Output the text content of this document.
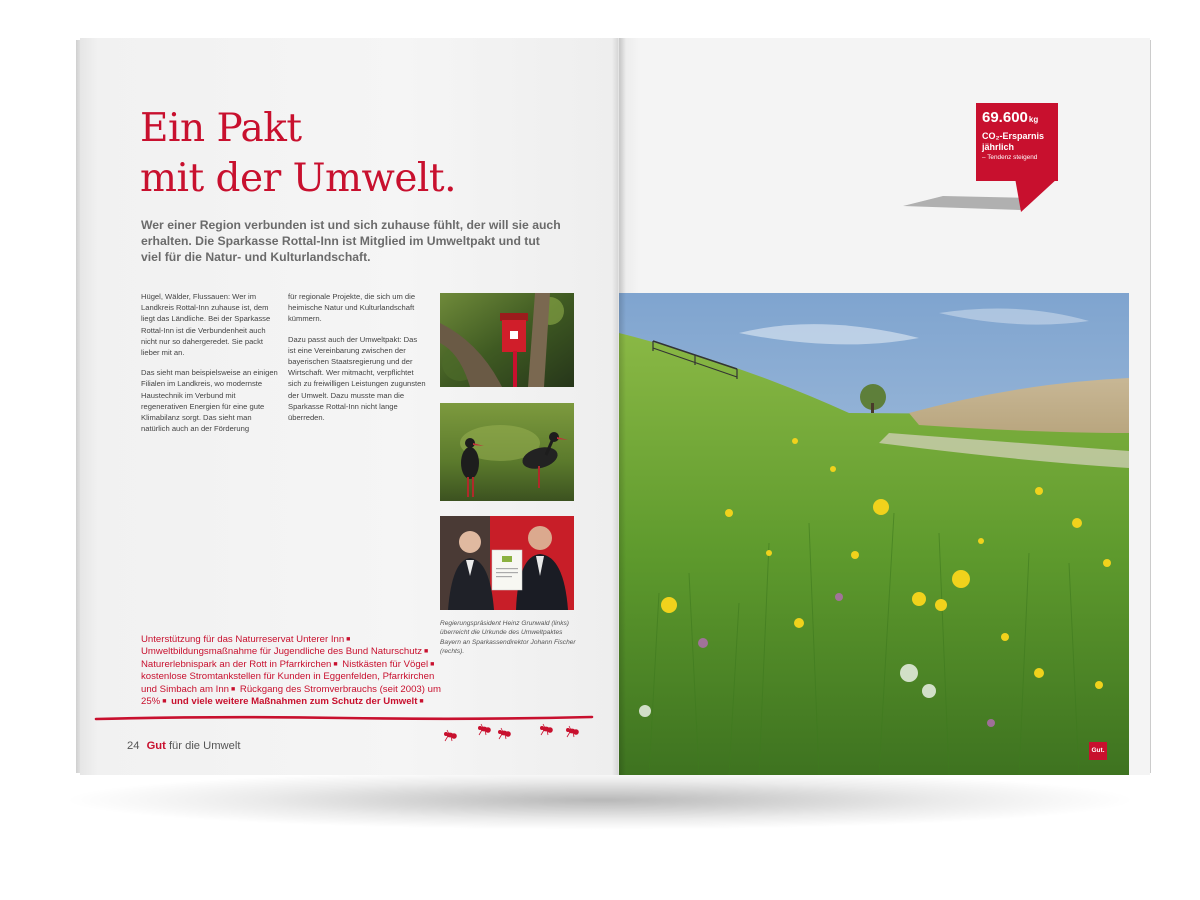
Ein Pakt
mit der Umwelt.

Wer einer Region verbunden ist und sich zuhause fühlt, der will sie auch erhalten. Die Sparkasse Rottal-Inn ist Mitglied im Umweltpakt und tut viel für die Natur- und Kulturlandschaft.

Hügel, Wälder, Flussauen: Wer im Landkreis Rottal-Inn zuhause ist, dem liegt das Ländliche. Bei der Sparkasse Rottal-Inn ist die Verbundenheit auch nicht nur so dahergeredet. Sie packt lieber mit an.

Das sieht man beispielsweise an einigen Filialen im Landkreis, wo modernste Haustechnik im Verbund mit regenerativen Energien für eine gute Klimabilanz sorgt. Das sieht man natürlich auch an der Förderung

für regionale Projekte, die sich um die heimische Natur und Kulturlandschaft kümmern.

Dazu passt auch der Umweltpakt: Das ist eine Vereinbarung zwischen der bayerischen Staatsregierung und der Wirtschaft. Wer mitmacht, verpflichtet sich zu freiwilligen Leistungen zugunsten der Umwelt. Dazu musste man die Sparkasse Rottal-Inn nicht lange überreden.

Regierungspräsident Heinz Grunwald (links) überreicht die Urkunde des Umweltpaktes Bayern an Sparkassendirektor Johann Fischer (rechts).

Unterstützung für das Naturreservat Unterer Inn ■ Umweltbildungsmaßnahme für Jugendliche des Bund Naturschutz ■ Naturerlebnispark an der Rott in Pfarrkirchen ■ Nistkästen für Vögel ■ kostenlose Stromtankstellen für Kunden in Eggenfelden, Pfarrkirchen und Simbach am Inn ■ Rückgang des Stromverbrauchs (seit 2003) um 25% ■ und viele weitere Maßnahmen zum Schutz der Umwelt ■

24 Gut für die Umwelt
69.600kg
CO₂-Ersparnis
jährlich
– Tendenz steigend
Gut.
